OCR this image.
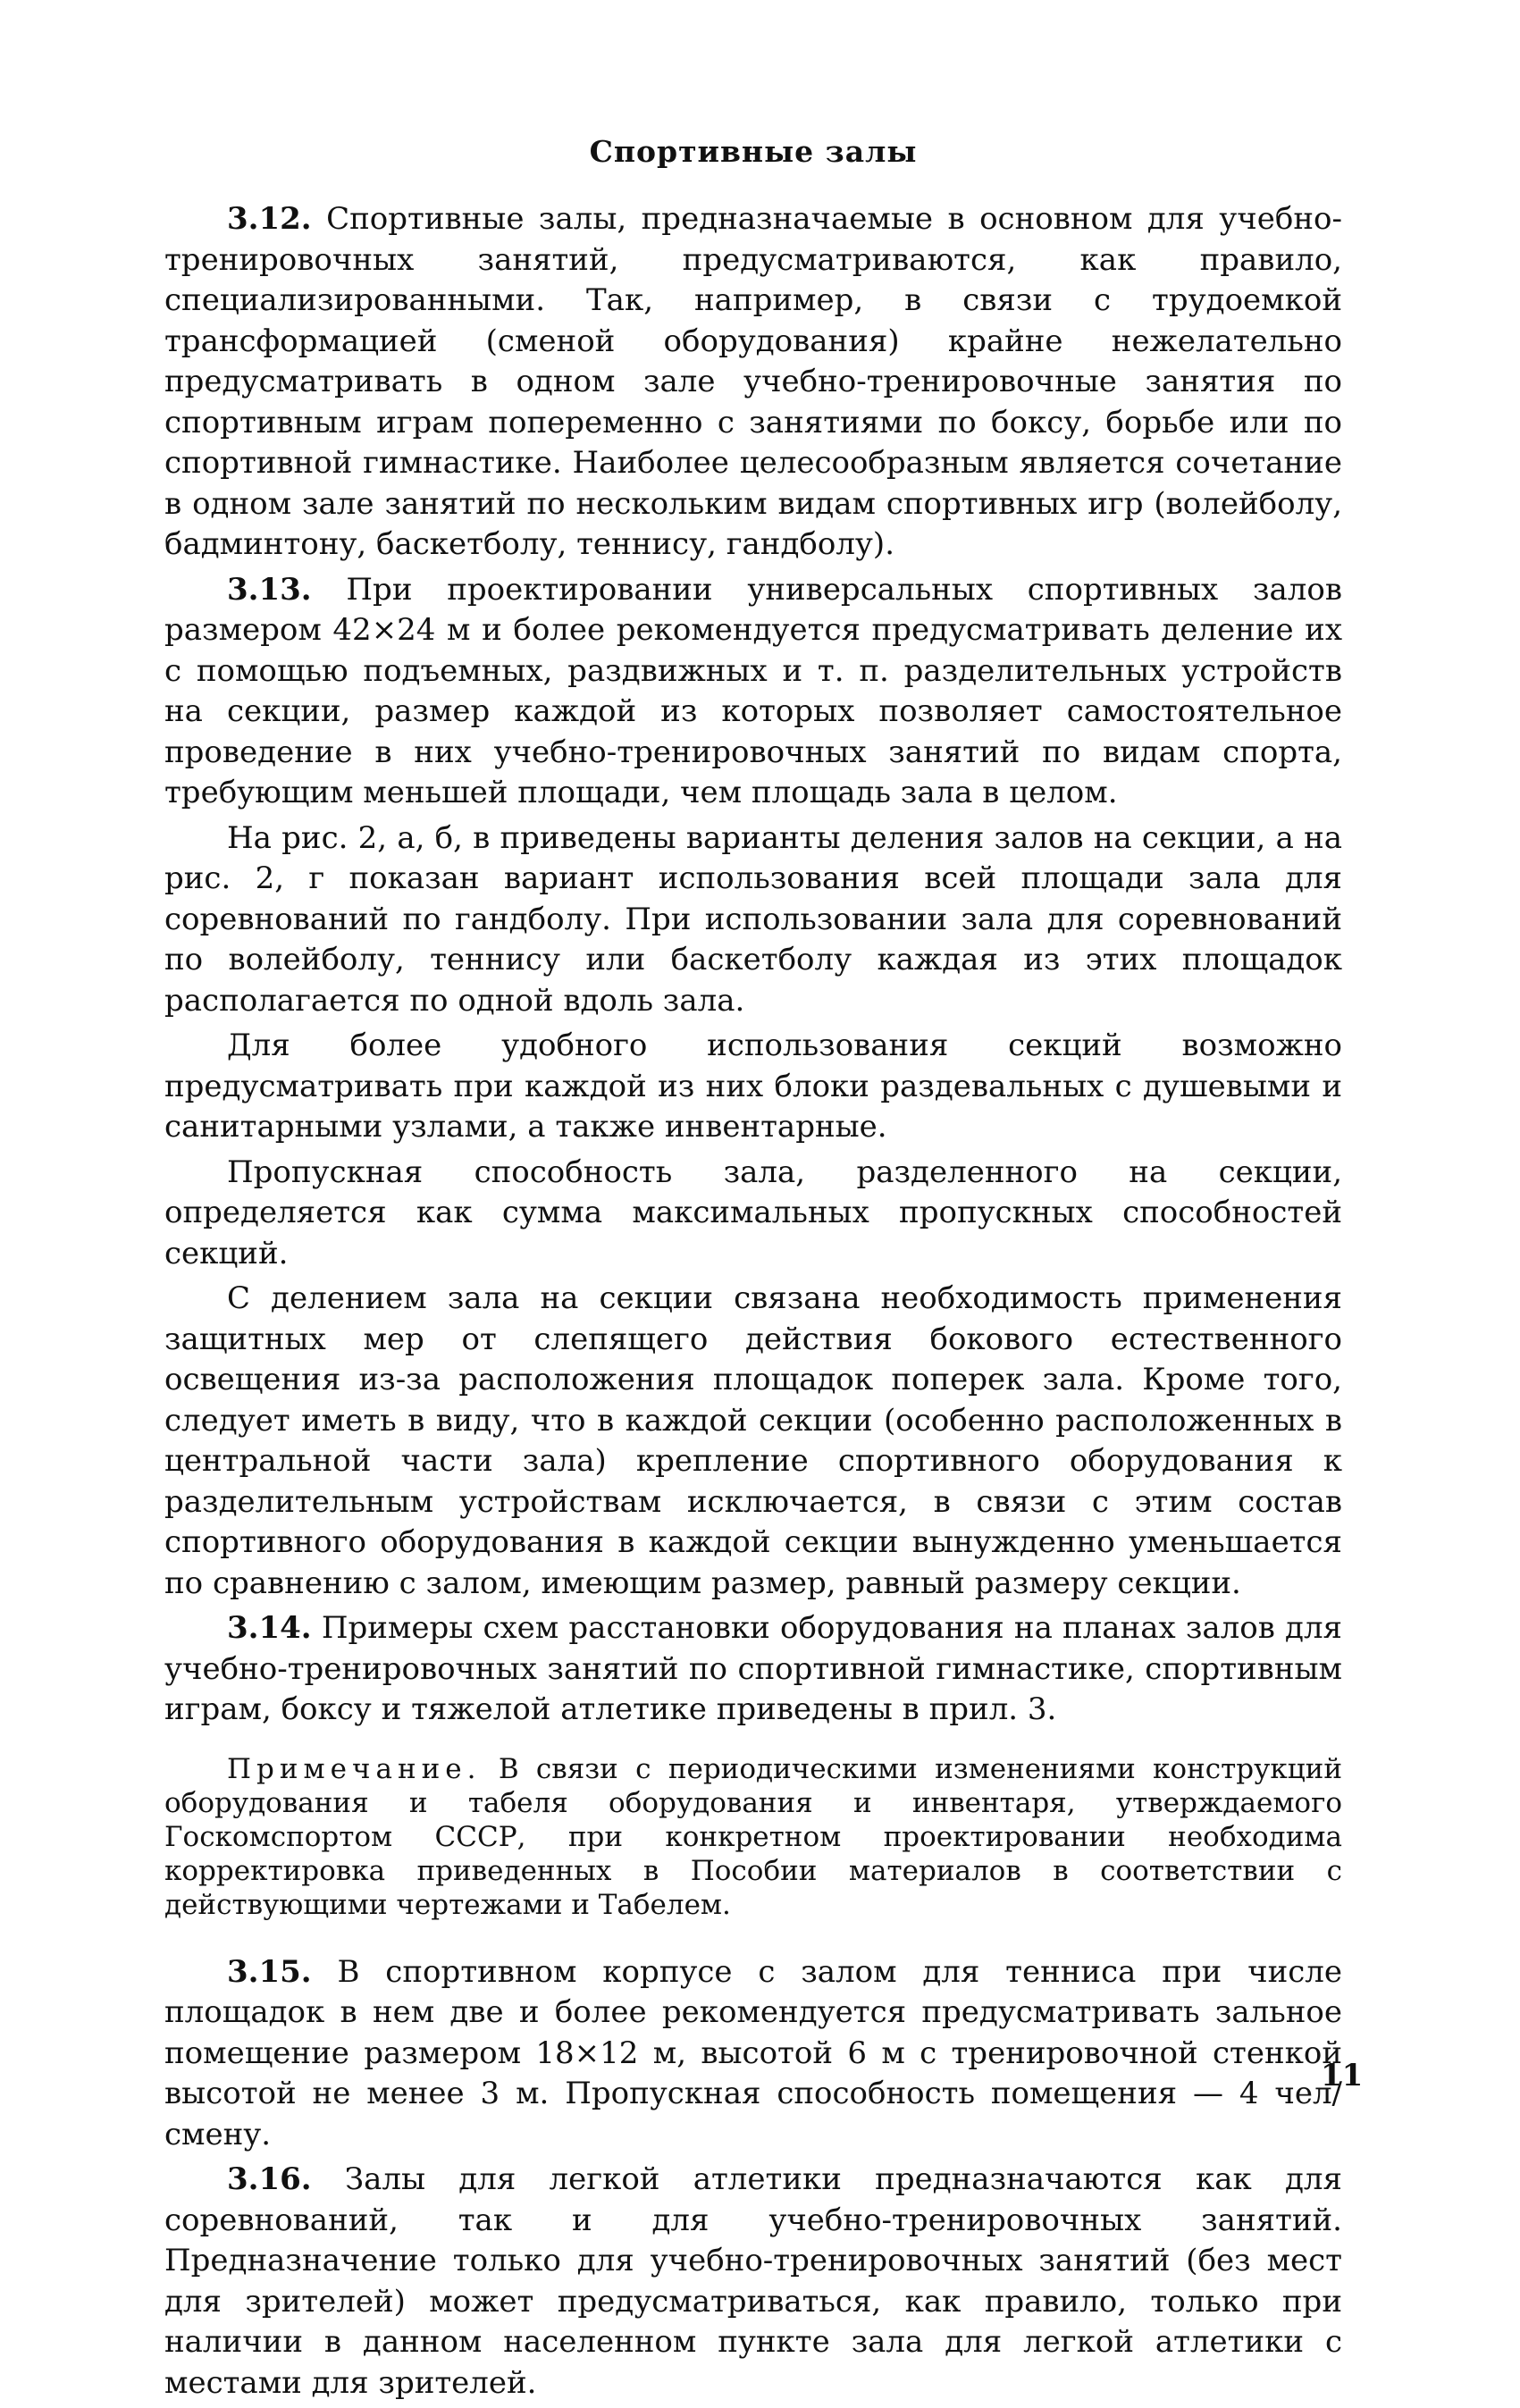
Спортивные залы

3.12. Спортивные залы, предназначаемые в основном для учебно-тренировочных занятий, предусматриваются, как правило, специализированными. Так, например, в связи с трудоемкой трансформацией (сменой оборудования) крайне нежелательно предусматривать в одном зале учебно-тренировочные занятия по спортивным играм попеременно с занятиями по боксу, борьбе или по спортивной гимнастике. Наиболее целесообразным является сочетание в одном зале занятий по нескольким видам спортивных игр (волейболу, бадминтону, баскетболу, теннису, гандболу).

3.13. При проектировании универсальных спортивных залов размером 42×24 м и более рекомендуется предусматривать деление их с помощью подъемных, раздвижных и т. п. разделительных устройств на секции, размер каждой из которых позволяет самостоятельное проведение в них учебно-тренировочных занятий по видам спорта, требующим меньшей площади, чем площадь зала в целом.

На рис. 2, а, б, в приведены варианты деления залов на секции, а на рис. 2, г показан вариант использования всей площади зала для соревнований по гандболу. При использовании зала для соревнований по волейболу, теннису или баскетболу каждая из этих площадок располагается по одной вдоль зала.

Для более удобного использования секций возможно предусматривать при каждой из них блоки раздевальных с душевыми и санитарными узлами, а также инвентарные.

Пропускная способность зала, разделенного на секции, определяется как сумма максимальных пропускных способностей секций.

С делением зала на секции связана необходимость применения защитных мер от слепящего действия бокового естественного освещения из-за расположения площадок поперек зала. Кроме того, следует иметь в виду, что в каждой секции (особенно расположенных в центральной части зала) крепление спортивного оборудования к разделительным устройствам исключается, в связи с этим состав спортивного оборудования в каждой секции вынужденно уменьшается по сравнению с залом, имеющим размер, равный размеру секции.

3.14. Примеры схем расстановки оборудования на планах залов для учебно-тренировочных занятий по спортивной гимнастике, спортивным играм, боксу и тяжелой атлетике приведены в прил. 3.

Примечание. В связи с периодическими изменениями конструкций оборудования и табеля оборудования и инвентаря, утверждаемого Госкомспортом СССР, при конкретном проектировании необходима корректировка приведенных в Пособии материалов в соответствии с действующими чертежами и Табелем.

3.15. В спортивном корпусе с залом для тенниса при числе площадок в нем две и более рекомендуется предусматривать зальное помещение размером 18×12 м, высотой 6 м с тренировочной стенкой высотой не менее 3 м. Пропускная способность помещения — 4 чел/смену.

3.16. Залы для легкой атлетики предназначаются как для соревнований, так и для учебно-тренировочных занятий. Предназначение только для учебно-тренировочных занятий (без мест для зрителей) может предусматриваться, как правило, только при наличии в данном населенном пункте зала для легкой атлетики с местами для зрителей.

11
